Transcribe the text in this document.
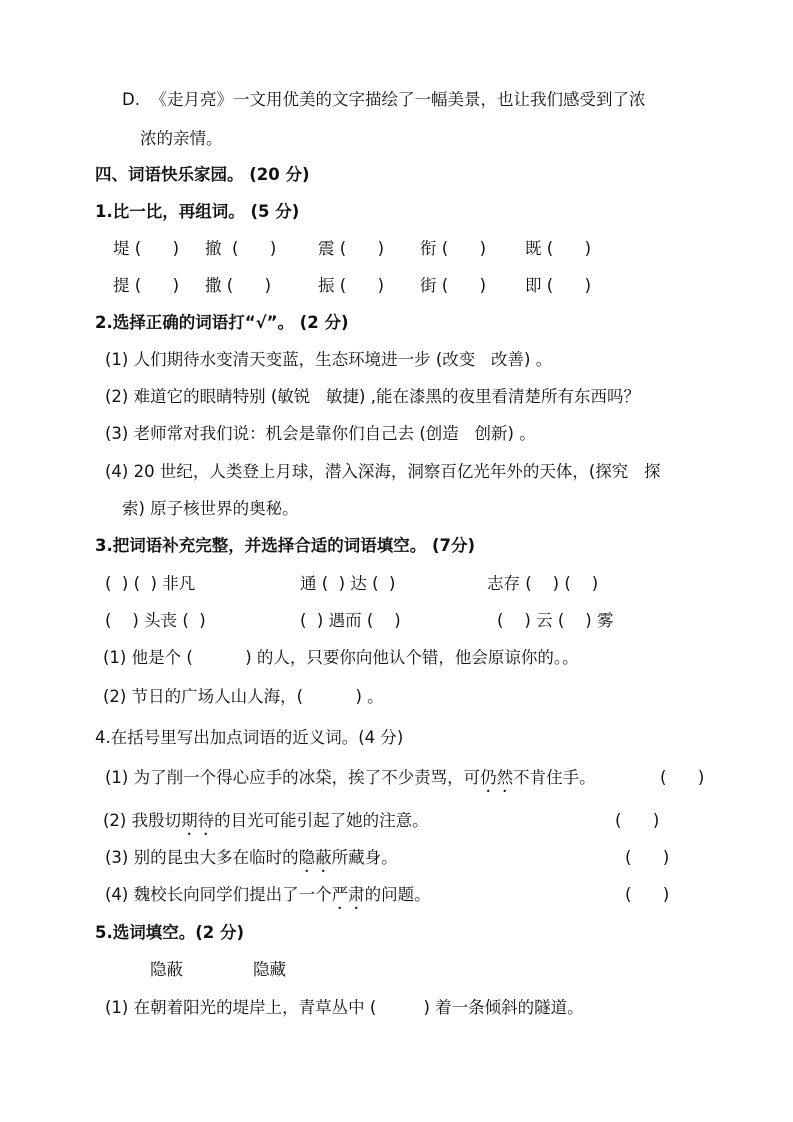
D.  《走月亮》一文用优美的文字描绘了一幅美景，也让我们感受到了浓
浓的亲情。
四、词语快乐家园。 (20 分)
1.比一比，再组词。 (5 分)
堤 (      ) 撤  (      )	震 (      ) 衔 (      ) 既 (      )
提 (      ) 撒 (      )	振 (      ) 街 (      ) 即 (      )
2.选择正确的词语打“√”。 (2 分)
(1) 人们期待水变清天变蓝，生态环境进一步 (改变   改善) 。
(2) 难道它的眼睛特别 (敏锐   敏捷) ,能在漆黑的夜里看清楚所有东西吗？
(3) 老师常对我们说：机会是靠你们自己去 (创造   创新) 。
(4) 20 世纪，人类登上月球，潜入深海，洞察百亿光年外的天体，(探究   探
索) 原子核世界的奥秘。
3.把词语补充完整，并选择合适的词语填空。 (7分)
(  ) (  ) 非凡	通 (  ) 达 (  )	志存 (    ) (    )
(    ) 头丧 (  )	(  ) 遇而 (    )	(    ) 云 (    ) 雾
(1) 他是个 (          ) 的人，只要你向他认个错，他会原谅你的。。
(2) 节日的广场人山人海，(          ) 。
4.在括号里写出加点词语的近义词。(4 分)
(1) 为了削一个得心应手的冰柋，挨了不少责骂，可仍然不肯住手。	(      )
(2) 我殷切期待的目光可能引起了她的注意。	(      )
(3) 别的昆虫大多在临时的隐蔽所藏身。	(      )
(4) 魏校长向同学们提出了一个严肃的问题。	(      )
5.选词填空。(2 分)
隐蔽	隐藏
(1) 在朝着阳光的堤岸上，青草丛中 (         ) 着一条倾斜的隧道。
